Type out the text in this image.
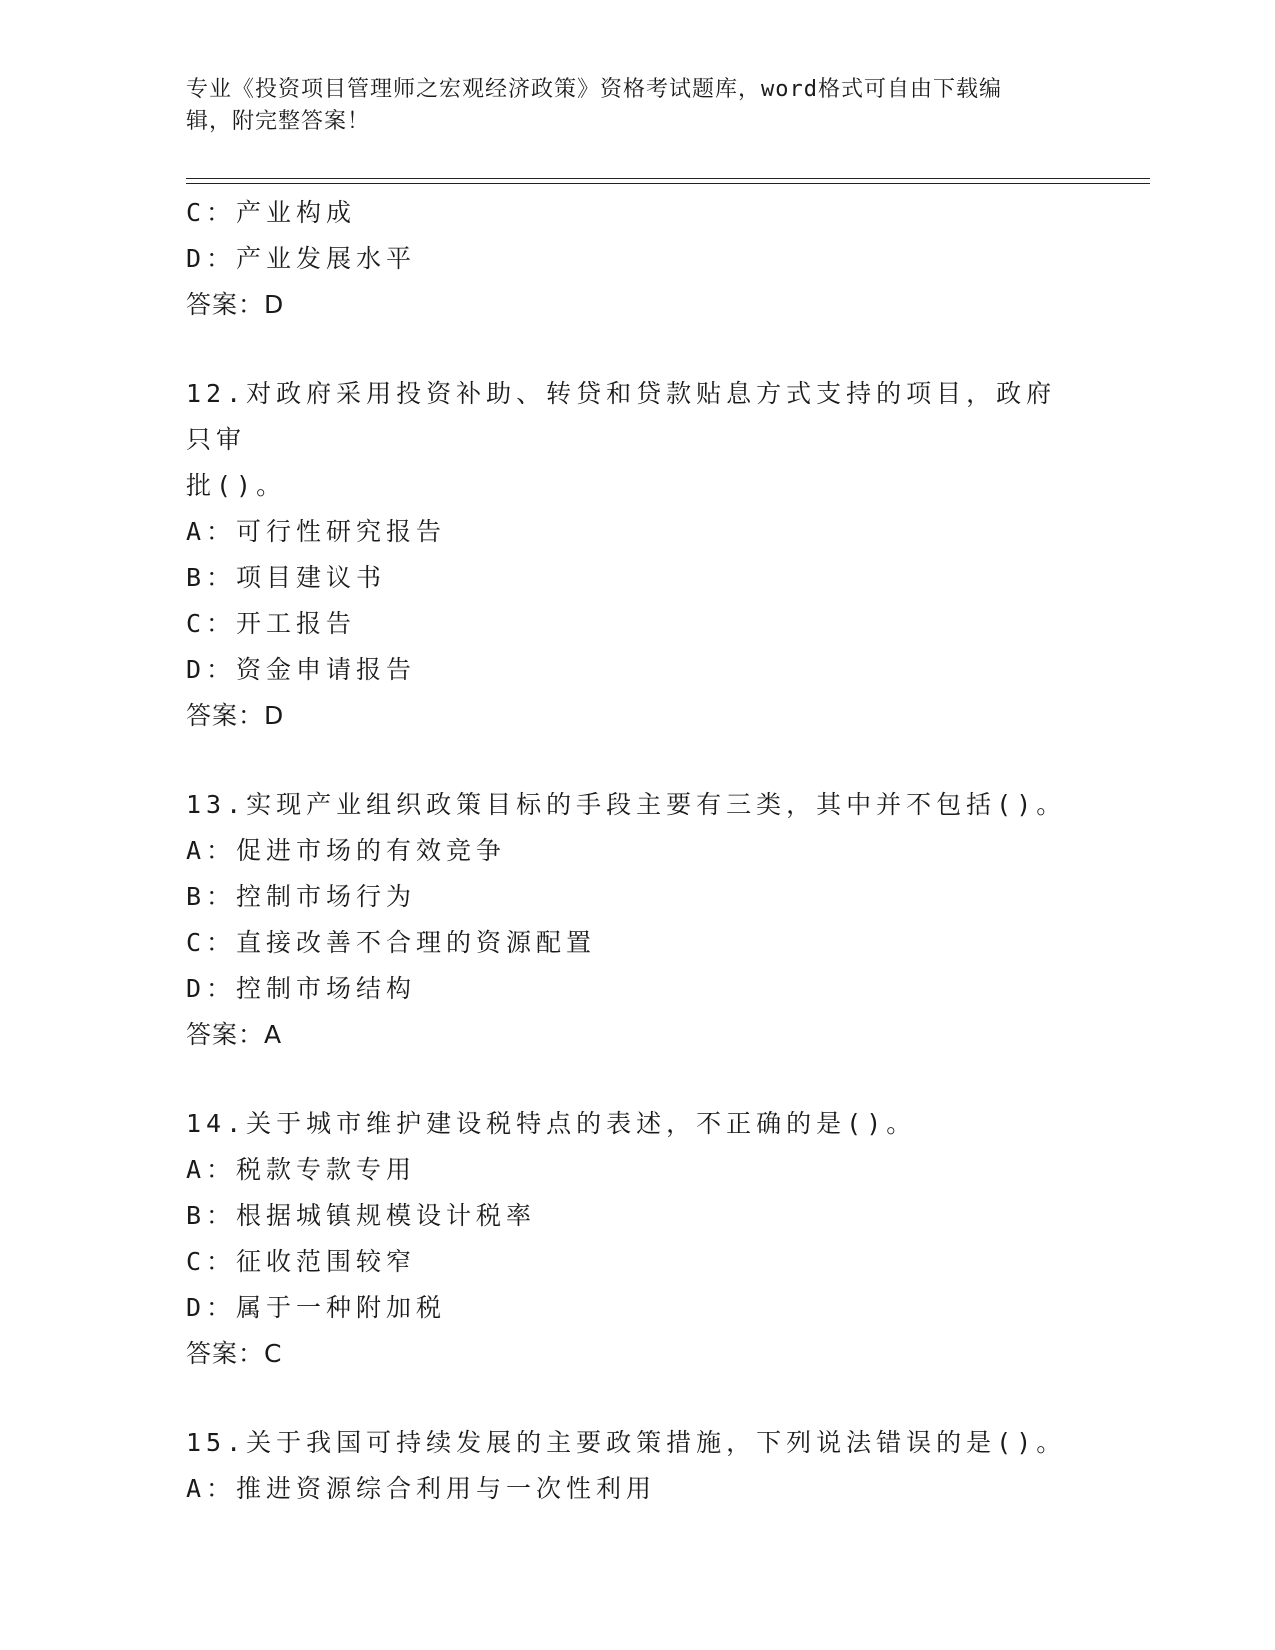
专业《投资项目管理师之宏观经济政策》资格考试题库，word格式可自由下载编
辑，附完整答案！
C：产业构成
D：产业发展水平
答案：D
12.对政府采用投资补助、转贷和贷款贴息方式支持的项目，政府只审
批()。
A：可行性研究报告
B：项目建议书
C：开工报告
D：资金申请报告
答案：D
13.实现产业组织政策目标的手段主要有三类，其中并不包括()。
A：促进市场的有效竞争
B：控制市场行为
C：直接改善不合理的资源配置
D：控制市场结构
答案：A
14.关于城市维护建设税特点的表述，不正确的是()。
A：税款专款专用
B：根据城镇规模设计税率
C：征收范围较窄
D：属于一种附加税
答案：C
15.关于我国可持续发展的主要政策措施，下列说法错误的是()。
A：推进资源综合利用与一次性利用
